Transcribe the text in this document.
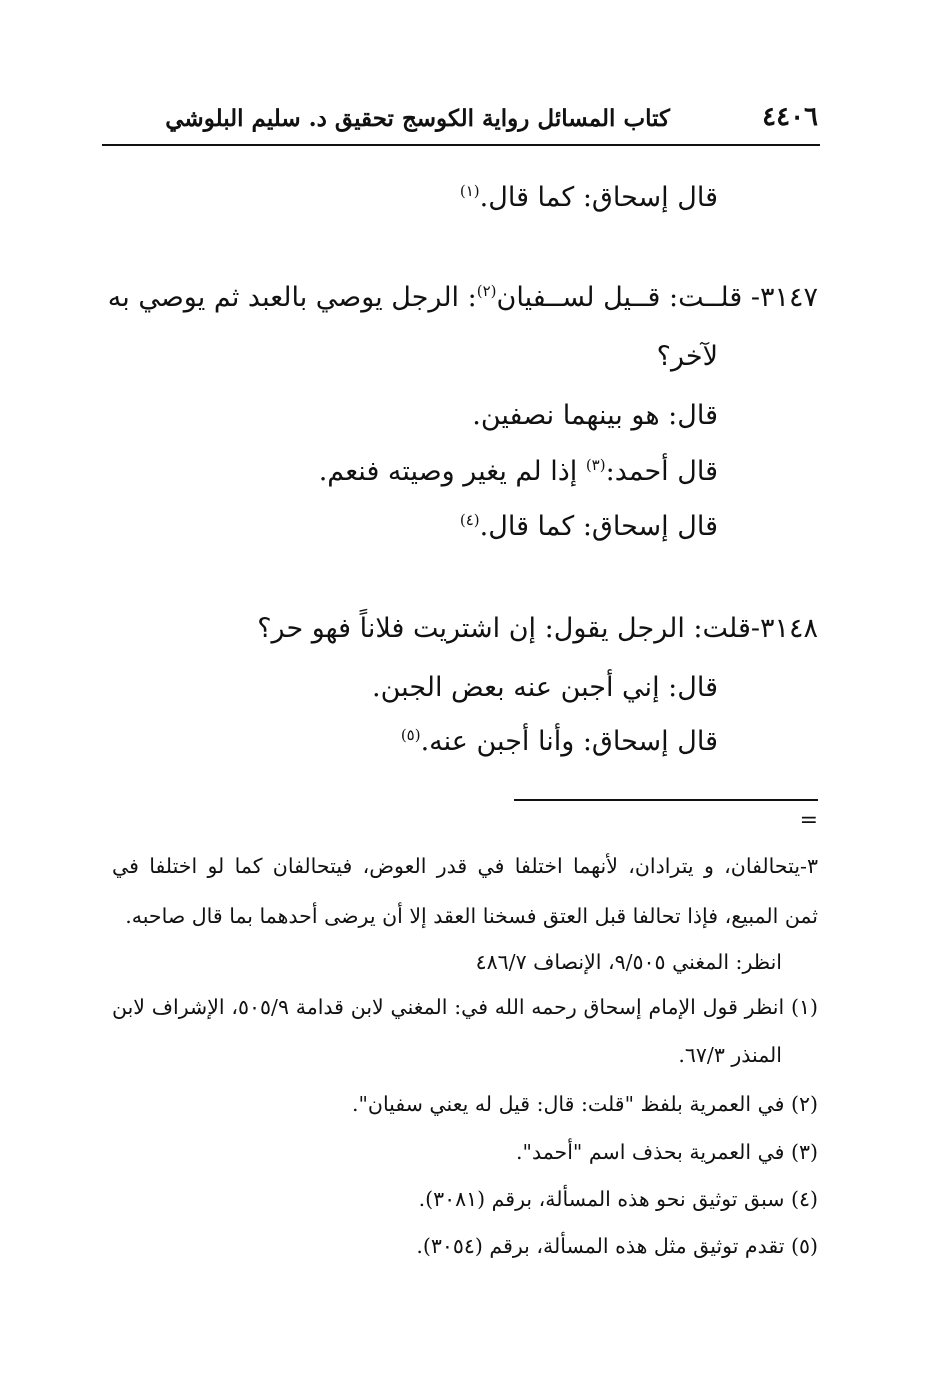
كتاب المسائل رواية الكوسج تحقيق د. سليم البلوشي	٤٤٠٦
قال إسحاق: كما قال.$^{(١)}$
٣١٤٧- قلــت: قــيل لســفيان$^{(٢)}$: الرجل يوصي بالعبد ثم يوصي به
لآخر؟
قال: هو بينهما نصفين.
قال أحمد:$^{(٣)}$ إذا لم يغير وصيته فنعم.
قال إسحاق: كما قال.$^{(٤)}$
٣١٤٨-قلت: الرجل يقول: إن اشتريت فلاناً فهو حر؟
قال: إني أجبن عنه بعض الجبن.
قال إسحاق: وأنا أجبن عنه.$^{(٥)}$
=
٣-يتحالفان، و يترادان، لأنهما اختلفا في قدر العوض، فيتحالفان كما لو اختلفا في
ثمن المبيع، فإذا تحالفا قبل العتق فسخنا العقد إلا أن يرضى أحدهما بما قال صاحبه.
انظر: المغني ٩/٥٠٥، الإنصاف ٤٨٦/٧
(١) انظر قول الإمام إسحاق رحمه الله في: المغني لابن قدامة ٥٠٥/٩، الإشراف لابن
المنذر ٦٧/٣.
(٢) في العمرية بلفظ "قلت: قال: قيل له يعني سفيان".
(٣) في العمرية بحذف اسم "أحمد".
(٤) سبق توثيق نحو هذه المسألة، برقم (٣٠٨١).
(٥) تقدم توثيق مثل هذه المسألة، برقم (٣٠٥٤).
